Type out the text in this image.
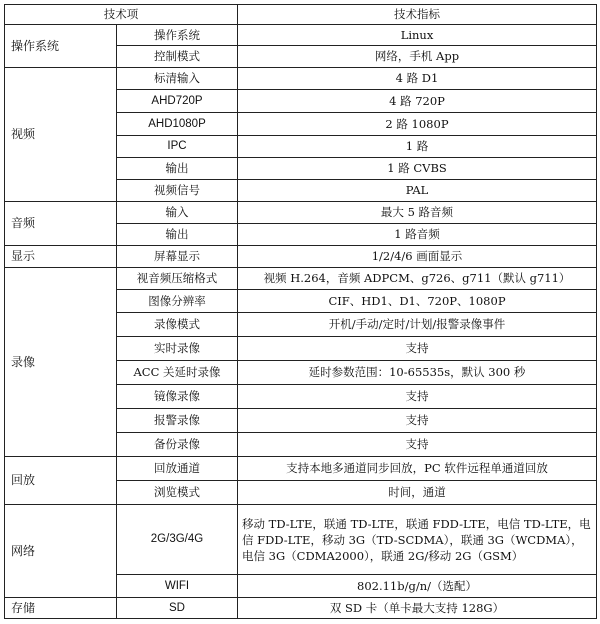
技术项		技术指标
操作系统	操作系统	Linux
	控制模式	网络，手机 App
视频	标清输入	4 路 D1
	AHD720P	4 路 720P
	AHD1080P	2 路 1080P
	IPC	1 路
	输出	1 路 CVBS
	视频信号	PAL
音频	输入	最大 5 路音频
	输出	1 路音频
显示	屏幕显示	1/2/4/6 画面显示
录像	视音频压缩格式	视频 H.264，音频 ADPCM、g726、g711（默认 g711）
	图像分辨率	CIF、HD1、D1、720P、1080P
	录像模式	开机/手动/定时/计划/报警录像事件
	实时录像	支持
	ACC 关延时录像	延时参数范围：10-65535s，默认 300 秒
	镜像录像	支持
	报警录像	支持
	备份录像	支持
回放	回放通道	支持本地多通道同步回放，PC 软件远程单通道回放
	浏览模式	时间，通道
网络	2G/3G/4G	移动 TD-LTE，联通 TD-LTE，联通 FDD-LTE，电信 TD-LTE，电信 FDD-LTE，移动 3G（TD-SCDMA），联通 3G（WCDMA），电信 3G（CDMA2000），联通 2G/移动 2G（GSM）
	WIFI	802.11b/g/n/（选配）
存储	SD	双 SD 卡（单卡最大支持 128G）
